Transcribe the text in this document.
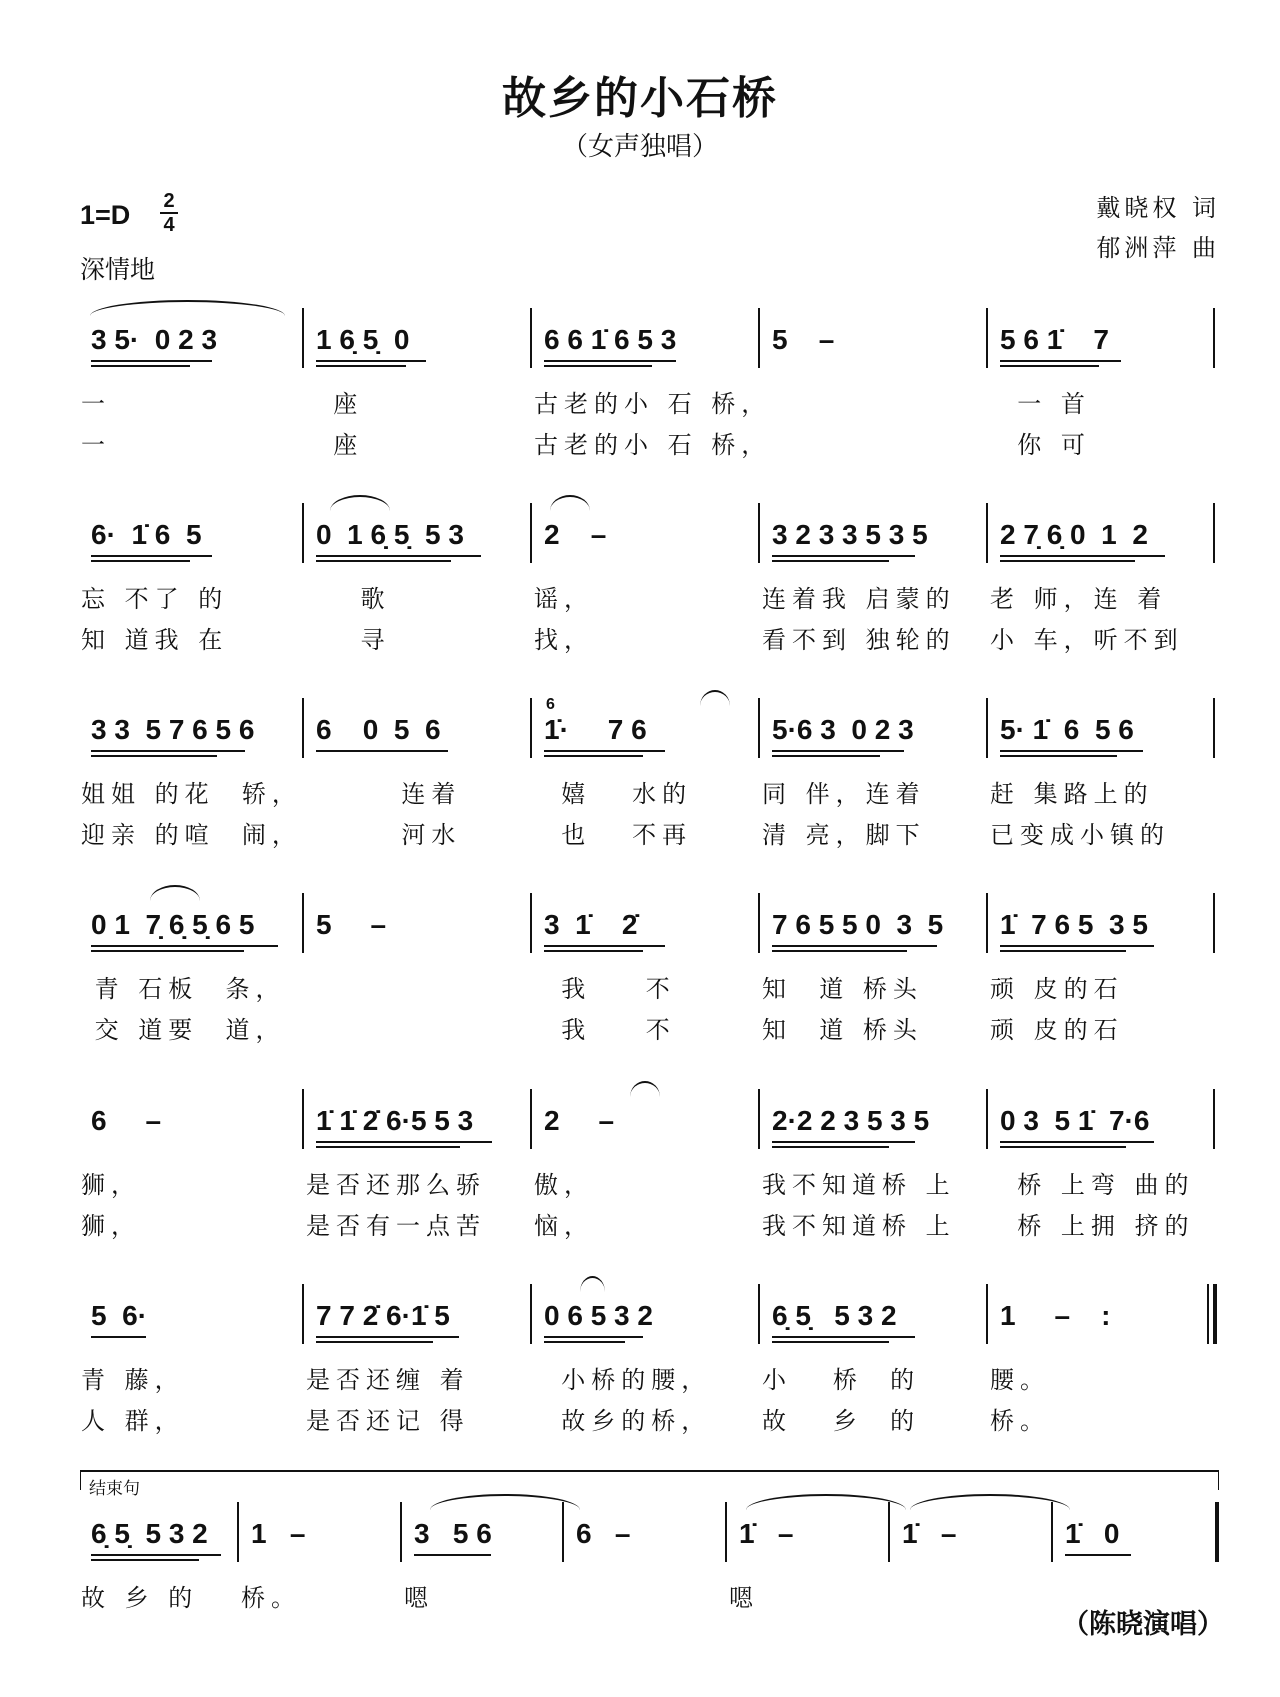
故乡的小石桥
（女声独唱）
1=D 2
4
深情地
戴晓权 词
郁洲萍 曲
3 5·  0 2 3
一
一
1 6̣ 5̣  0
座
座
6 6 1̇ 6 5 3
古老的小 石 桥，
古老的小 石 桥，
5    –	5 6 1̇    7
一 首
你 可
6·  1̇ 6  5
忘 不了 的
知 道我 在
0  1 6̣ 5̣  5 3
歌
寻
2    –
谣，
找，
3 2 3 3 5 3 5
连着我 启蒙的
看不到 独轮的
2 7̣ 6̣ 0  1  2
老 师，连 着
小 车，听不到
3 3  5 7 6 5 6
姐姐 的花  轿，
迎亲 的喧  闹，
6    0  5  6
连着
河水
1̇·     7 6
6
嬉   水的
也   不再
5·6 3  0 2 3
同 伴，连着
清 亮，脚下
5· 1̇  6  5 6
赶 集路上的
已变成小镇的
0 1  7̣ 6̣ 5̣ 6 5
青 石板  条，
交 道要  道，
5     –	3  1̇    2̇
我    不
我    不
7 6 5 5 0  3  5
知  道 桥头
知  道 桥头
1̇  7 6 5  3 5
顽 皮的石
顽 皮的石
6     –
狮，
狮，
1̇ 1̇ 2̇ 6·5 5 3
是否还那么骄
是否有一点苦
2     –
傲，
恼，
2·2 2 3 5 3 5
我不知道桥 上
我不知道桥 上
0 3  5 1̇  7·6
桥 上弯 曲的
桥 上拥 挤的
5  6·
青 藤，
人 群，
7 7 2̇ 6·1̇ 5
是否还缠 着
是否还记 得
0 6 5 3 2
小桥的腰，
故乡的桥，
6̣ 5̣   5 3 2
小   桥  的
故   乡  的
1     –    :
腰。
桥。
6̣ 5̣  5 3 2
故 乡 的
1   –
桥。
3   5 6
嗯
6   –	1̇   –
嗯
1̇   –	1̇   0
结束句
（陈晓演唱）
